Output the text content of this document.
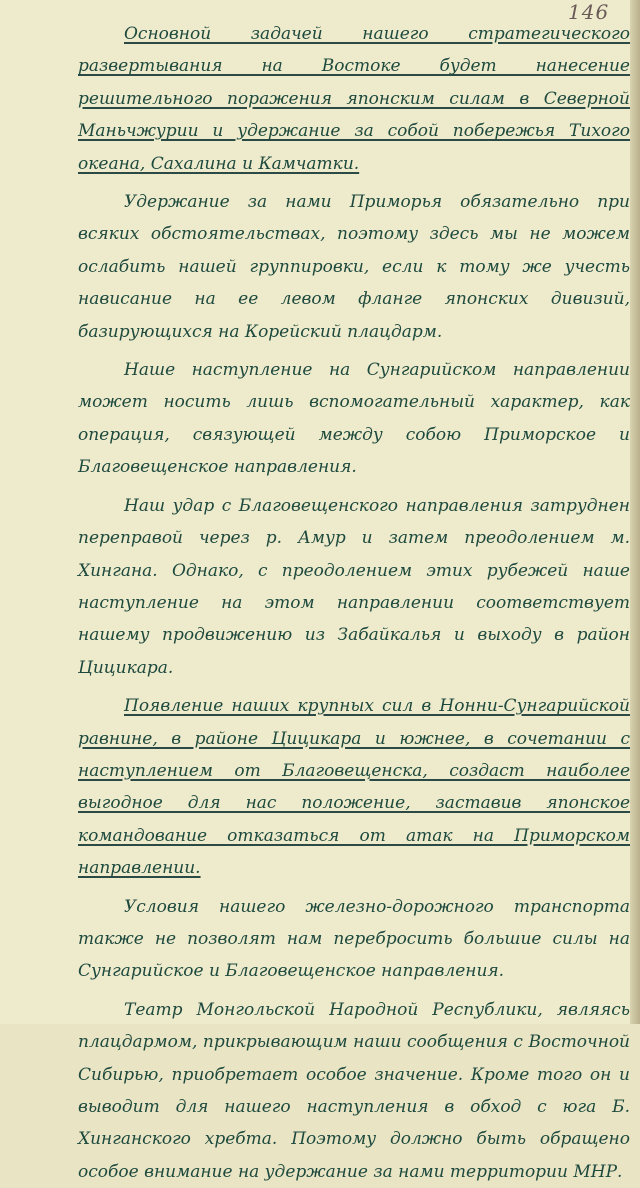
146

Основной задачей нашего стратегического развертывания на Востоке будет нанесение решительного поражения японским силам в Северной Маньчжурии и удержание за собой побережья Тихого океана, Сахалина и Камчатки.

Удержание за нами Приморья обязательно при всяких обстоятельствах, поэтому здесь мы не можем ослабить нашей группировки, если к тому же учесть нависание на ее левом фланге японских дивизий, базирующихся на Корейский плацдарм.

Наше наступление на Сунгарийском направлении может носить лишь вспомогательный характер, как операция, связующей между собою Приморское и Благовещенское направления.

Наш удар с Благовещенского направления затруднен переправой через р. Амур и затем преодолением м. Хингана. Однако, с преодолением этих рубежей наше наступление на этом направлении соответствует нашему продвижению из Забайкалья и выходу в район Цицикара.

Появление наших крупных сил в Нонни-Сунгарийской равнине, в районе Цицикара и южнее, в сочетании с наступлением от Благовещенска, создаст наиболее выгодное для нас положение, заставив японское командование отказаться от атак на Приморском направлении.

Условия нашего железно-дорожного транспорта также не позволят нам перебросить большие силы на Сунгарийское и Благовещенское направления.

Театр Монгольской Народной Республики, являясь плацдармом, прикрывающим наши сообщения с Восточной Сибирью, приобретает особое значение. Кроме того он и выводит для нашего наступления в обход с юга Б. Хинганского хребта. Поэтому должно быть обращено особое внимание на удержание за нами территории МНР.
